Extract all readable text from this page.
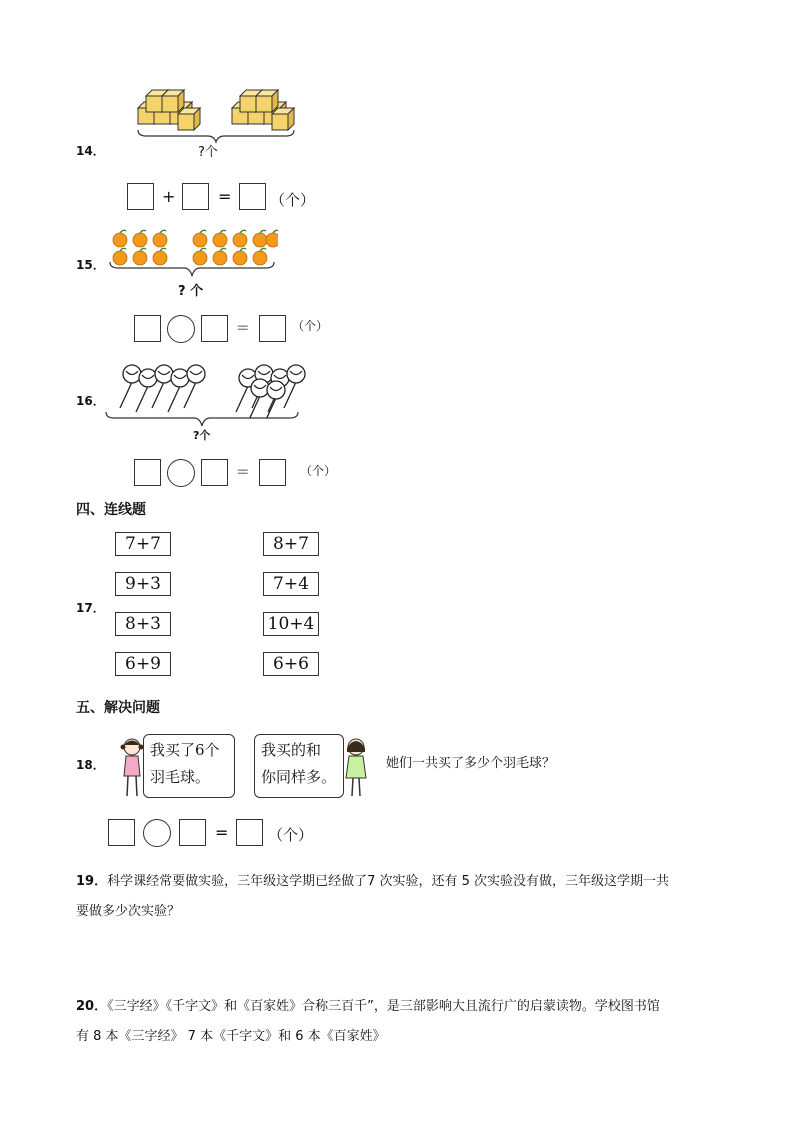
14．	?个
+	=	（个）
15．
? 个
=	（个）
16．
?个
=	（个）
四、连线题
17．
7+7
9+3
8+3
6+9
8+7
7+4
10+4
6+6
五、解决问题
18．
我买了6个
羽毛球。
我买的和
你同样多。
她们一共买了多少个羽毛球？
=	（个）
19．科学课经常要做实验，三年级这学期已经做了7 次实验，还有 5 次实验没有做，三年级这学期一共
要做多少次实验？
20．《三字经》《千字文》和《百家姓》合称三百千”，是三部影响大且流行广的启蒙读物。学校图书馆
有 8 本《三字经》 7 本《千字文》和 6 本《百家姓》
